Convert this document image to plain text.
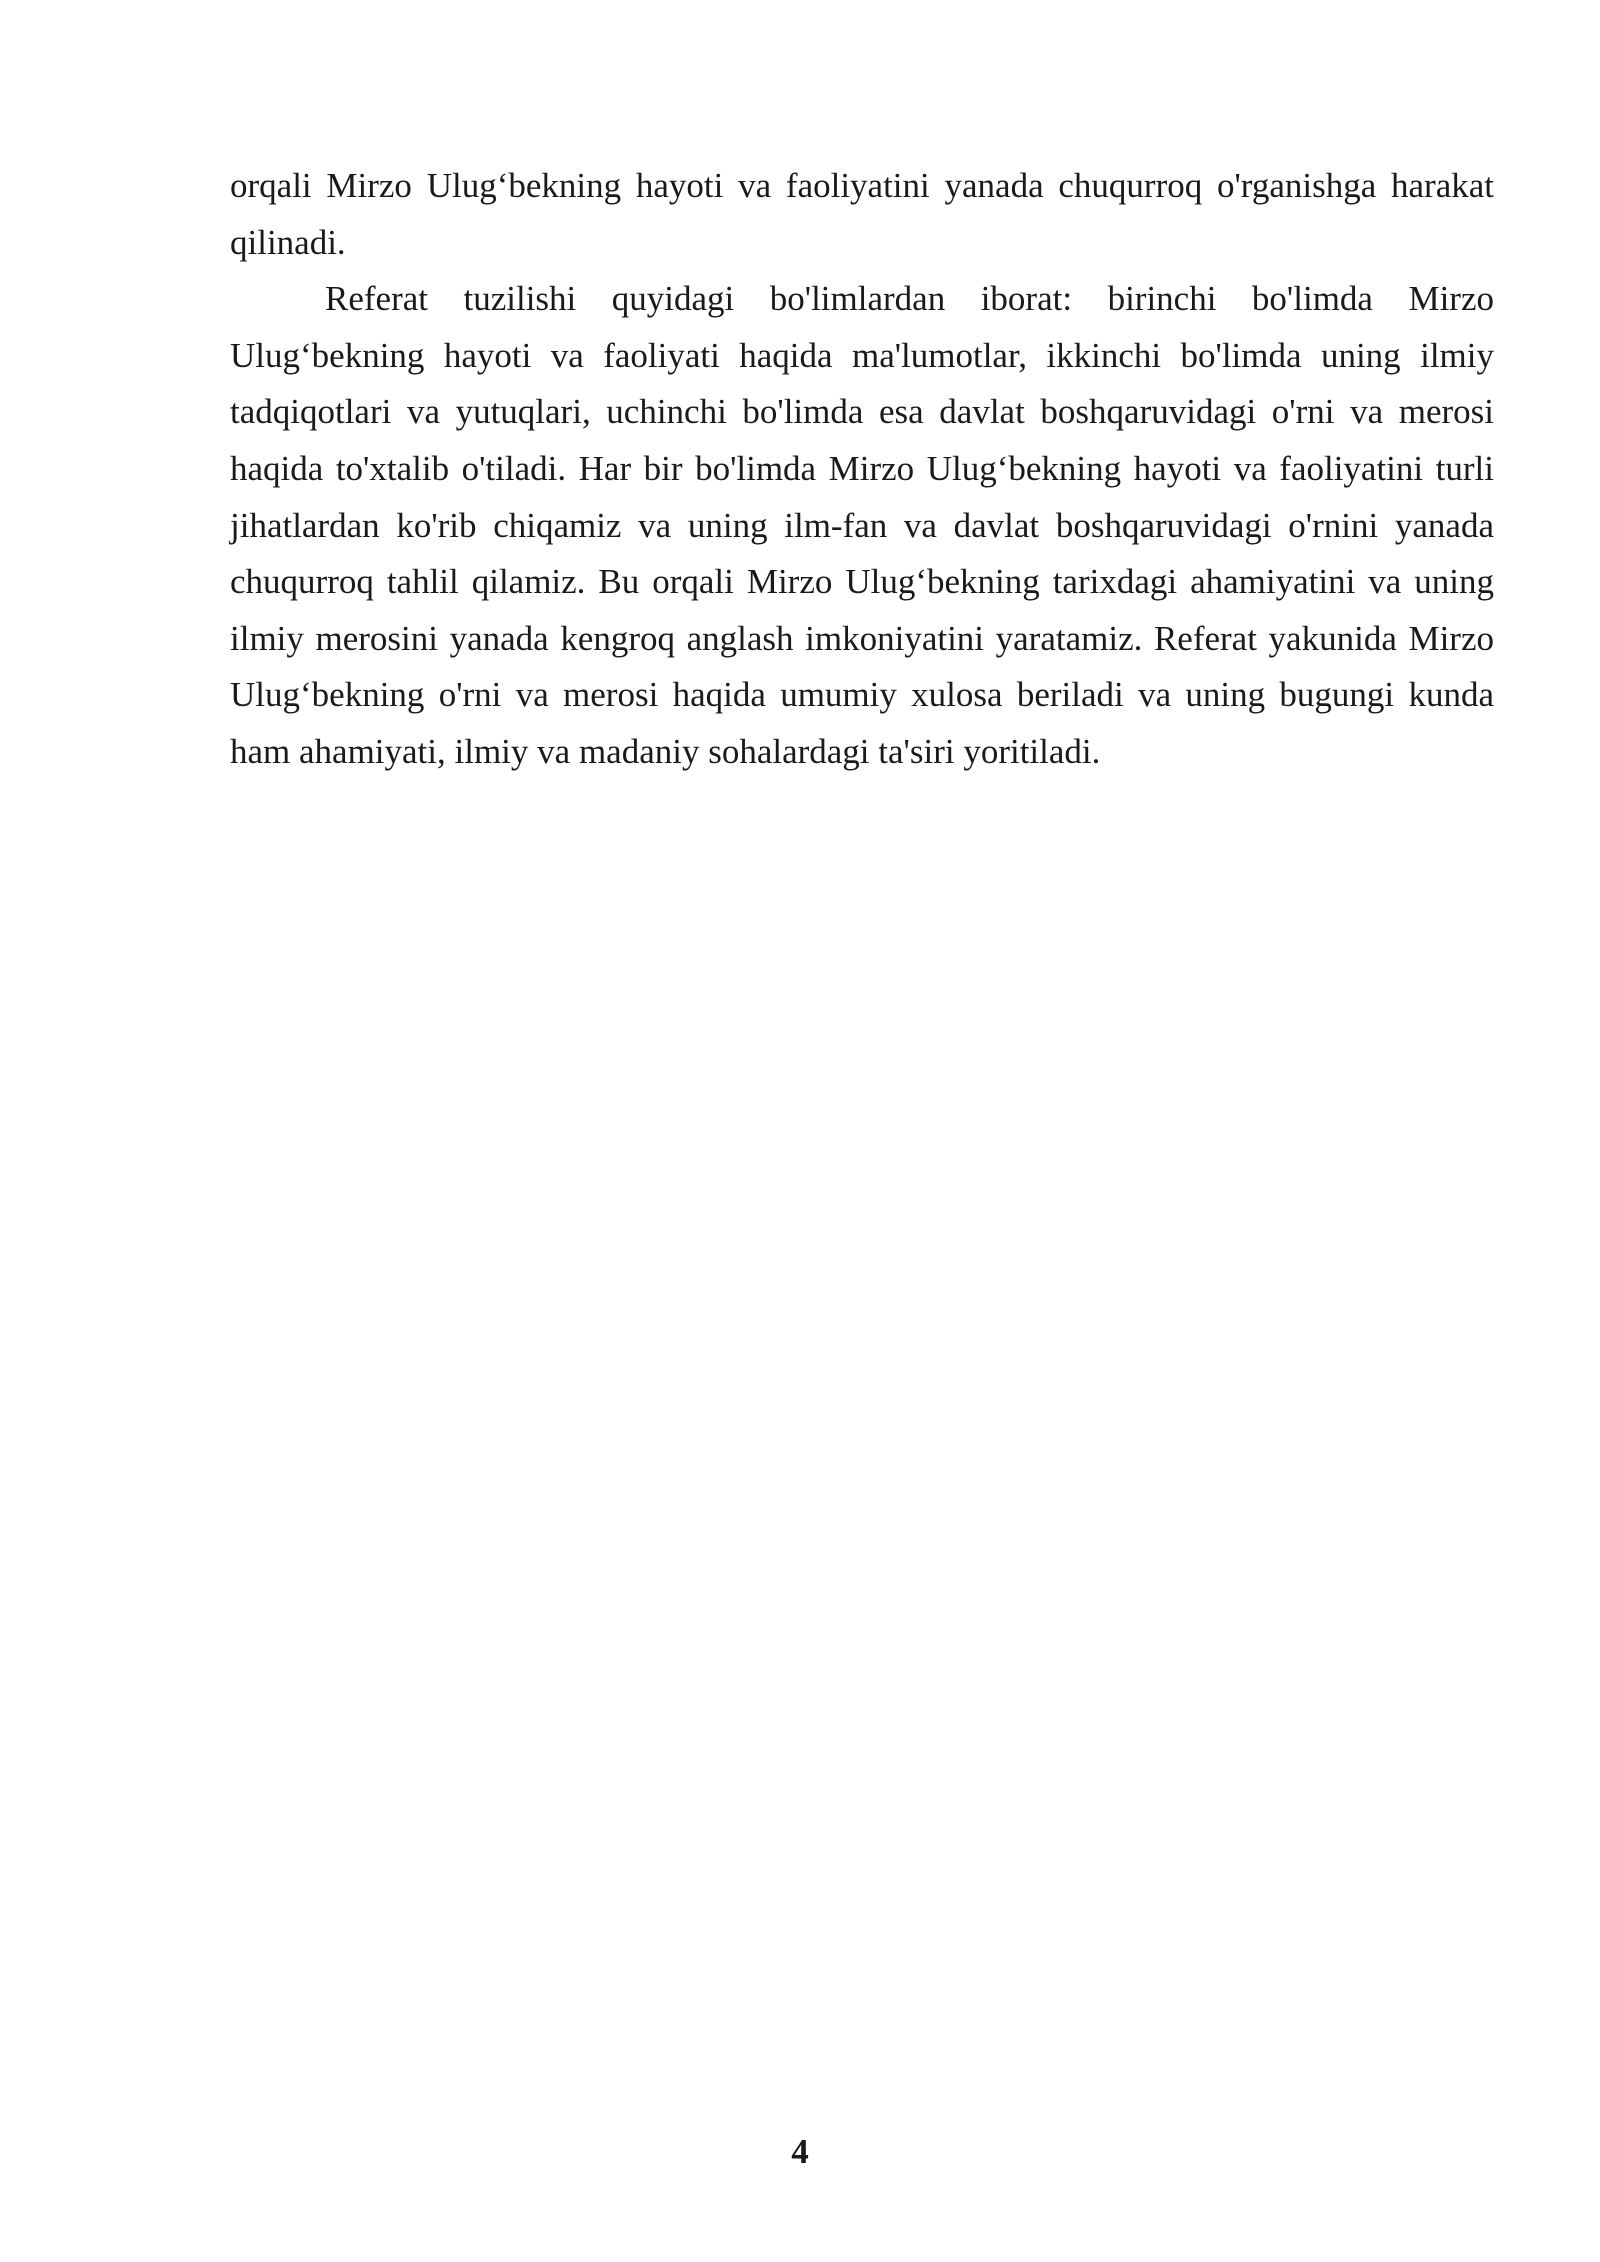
orqali Mirzo Ulug‘bekning hayoti va faoliyatini yanada chuqurroq o'rganishga harakat qilinadi.

Referat tuzilishi quyidagi bo'limlardan iborat: birinchi bo'limda Mirzo Ulug‘bekning hayoti va faoliyati haqida ma'lumotlar, ikkinchi bo'limda uning ilmiy tadqiqotlari va yutuqlari, uchinchi bo'limda esa davlat boshqaruvidagi o'rni va merosi haqida to'xtalib o'tiladi. Har bir bo'limda Mirzo Ulug‘bekning hayoti va faoliyatini turli jihatlardan ko'rib chiqamiz va uning ilm-fan va davlat boshqaruvidagi o'rnini yanada chuqurroq tahlil qilamiz. Bu orqali Mirzo Ulug‘bekning tarixdagi ahamiyatini va uning ilmiy merosini yanada kengroq anglash imkoniyatini yaratamiz. Referat yakunida Mirzo Ulug‘bekning o'rni va merosi haqida umumiy xulosa beriladi va uning bugungi kunda ham ahamiyati, ilmiy va madaniy sohalardagi ta'siri yoritiladi.

4
